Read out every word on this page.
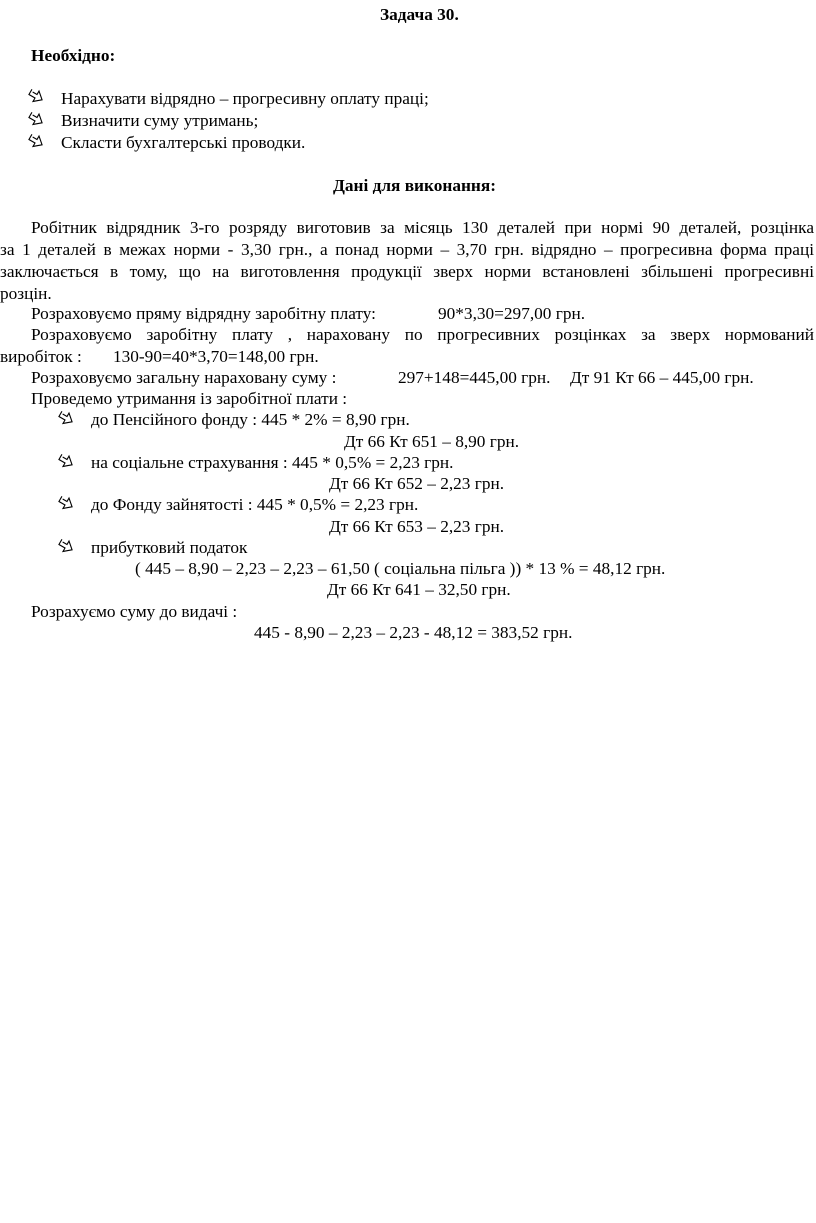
Задача 30.
Необхідно:
Нарахувати відрядно – прогресивну оплату праці;
Визначити суму утримань;
Скласти бухгалтерські проводки.
Дані для виконання:
Робітник відрядник 3-го розряду виготовив за місяць 130 деталей при нормі 90 деталей, розцінка
за 1 деталей в межах норми - 3,30 грн., а понад норми – 3,70 грн. відрядно – прогресивна форма праці
заключається в тому, що на виготовлення продукції зверх норми встановлені збільшені прогресивні
розцін.
Розраховуємо пряму відрядну заробітну плату:	90*3,30=297,00 грн.
Розраховуємо заробітну плату , нараховану по прогресивних розцінках за зверх нормований
виробіток : 130-90=40*3,70=148,00 грн.
Розраховуємо загальну нараховану суму :	297+148=445,00 грн. Дт 91 Кт 66 – 445,00 грн.
Проведемо утримання із заробітної плати :
до Пенсійного фонду : 445 * 2% = 8,90 грн.
Дт 66 Кт 651 – 8,90 грн.
на соціальне страхування : 445 * 0,5% = 2,23 грн.
Дт 66 Кт 652 – 2,23 грн.
до Фонду зайнятості : 445 * 0,5% = 2,23 грн.
Дт 66 Кт 653 – 2,23 грн.
прибутковий податок
( 445 – 8,90 – 2,23 – 2,23 – 61,50 ( соціальна пільга )) * 13 % = 48,12 грн.
Дт 66 Кт 641 – 32,50 грн.
Розрахуємо суму до видачі :
445 - 8,90 – 2,23 – 2,23 - 48,12 = 383,52 грн.
